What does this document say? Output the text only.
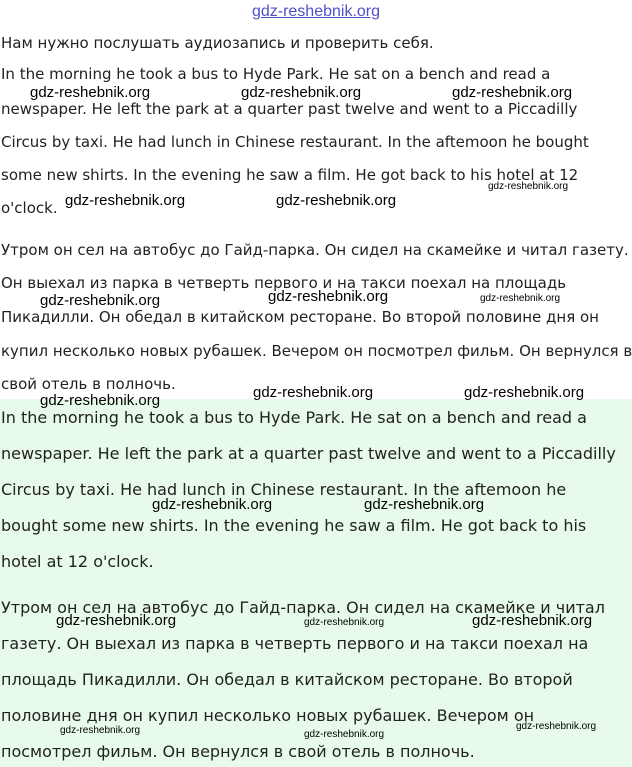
gdz-reshebnik.org
Нам нужно послушать аудиозапись и проверить себя.
In the morning he took a bus to Hyde Park. He sat on a bench and read a
newspaper. He left the park at a quarter past twelve and went to a Piccadilly
Circus by taxi. He had lunch in Chinese restaurant. In the aftemoon he bought
some new shirts. In the evening he saw a film. He got back to his hotel at 12
o'clock.
Утром он сел на автобус до Гайд-парка. Он сидел на скамейке и читал газету.
Он выехал из парка в четверть первого и на такси поехал на площадь
Пикадилли. Он обедал в китайском ресторане. Во второй половине дня он
купил несколько новых рубашек. Вечером он посмотрел фильм. Он вернулся в
свой отель в полночь.
In the morning he took a bus to Hyde Park. He sat on a bench and read a
newspaper. He left the park at a quarter past twelve and went to a Piccadilly
Circus by taxi. He had lunch in Chinese restaurant. In the aftemoon he
bought some new shirts. In the evening he saw a film. He got back to his
hotel at 12 o'clock.
Утром он сел на автобус до Гайд-парка. Он сидел на скамейке и читал
газету. Он выехал из парка в четверть первого и на такси поехал на
площадь Пикадилли. Он обедал в китайском ресторане. Во второй
половине дня он купил несколько новых рубашек. Вечером он
посмотрел фильм. Он вернулся в свой отель в полночь.
gdz-reshebnik.org	gdz-reshebnik.org	gdz-reshebnik.org
gdz-reshebnik.org
gdz-reshebnik.org	gdz-reshebnik.org
gdz-reshebnik.org	gdz-reshebnik.org	gdz-reshebnik.org
gdz-reshebnik.org	gdz-reshebnik.org	gdz-reshebnik.org
gdz-reshebnik.org	gdz-reshebnik.org
gdz-reshebnik.org	gdz-reshebnik.org	gdz-reshebnik.org
gdz-reshebnik.org	gdz-reshebnik.org
gdz-reshebnik.org
